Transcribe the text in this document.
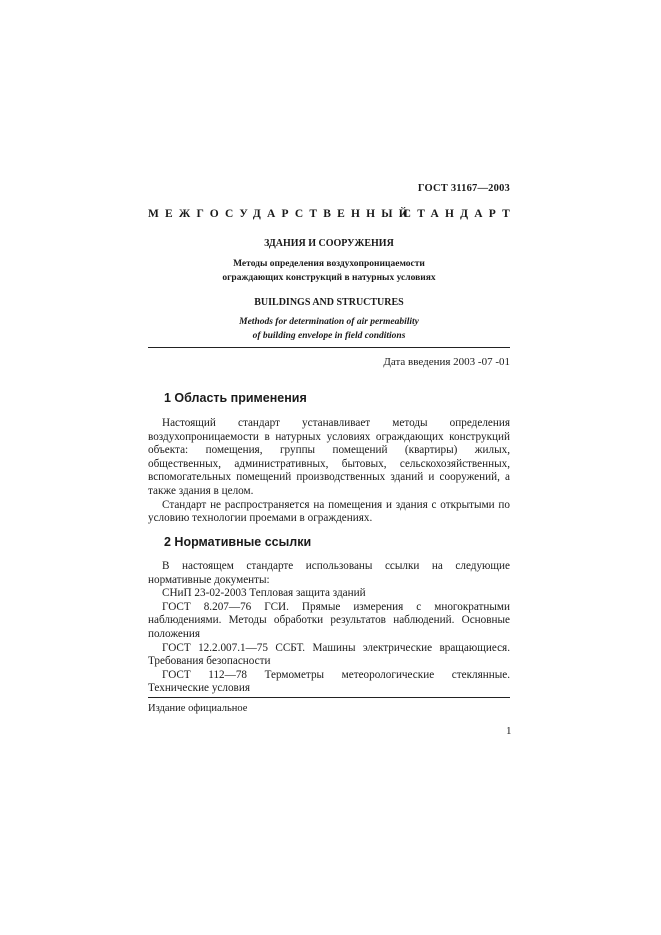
ГОСТ 31167—2003
МЕЖГОСУДАРСТВЕННЫЙ
СТАНДАРТ
ЗДАНИЯ И СООРУЖЕНИЯ
Методы определения воздухопроницаемости
ограждающих конструкций в натурных условиях
BUILDINGS AND STRUCTURES
Methods for determination of air permeability
of building envelope in field conditions
Дата введения 2003 -07 -01
1 Область применения

Настоящий стандарт устанавливает методы определения воздухопроницаемости в натурных условиях ограждающих конструкций объекта: помещения, группы помещений (квартиры) жилых, общественных, административных, бытовых, сельскохозяйственных, вспомогательных помещений производственных зданий и сооружений, а также здания в целом.

Стандарт не распространяется на помещения и здания с открытыми по условию технологии проемами в ограждениях.

2 Нормативные ссылки

В настоящем стандарте использованы ссылки на следующие нормативные документы:

СНиП 23-02-2003 Тепловая защита зданий

ГОСТ 8.207—76 ГСИ. Прямые измерения с многократными наблюдениями. Методы обработки результатов наблюдений. Основные положения

ГОСТ 12.2.007.1—75 ССБТ. Машины электрические вращающиеся. Требования безопасности

ГОСТ 112—78 Термометры метеорологические стеклянные. Технические условия

Издание официальное
1
